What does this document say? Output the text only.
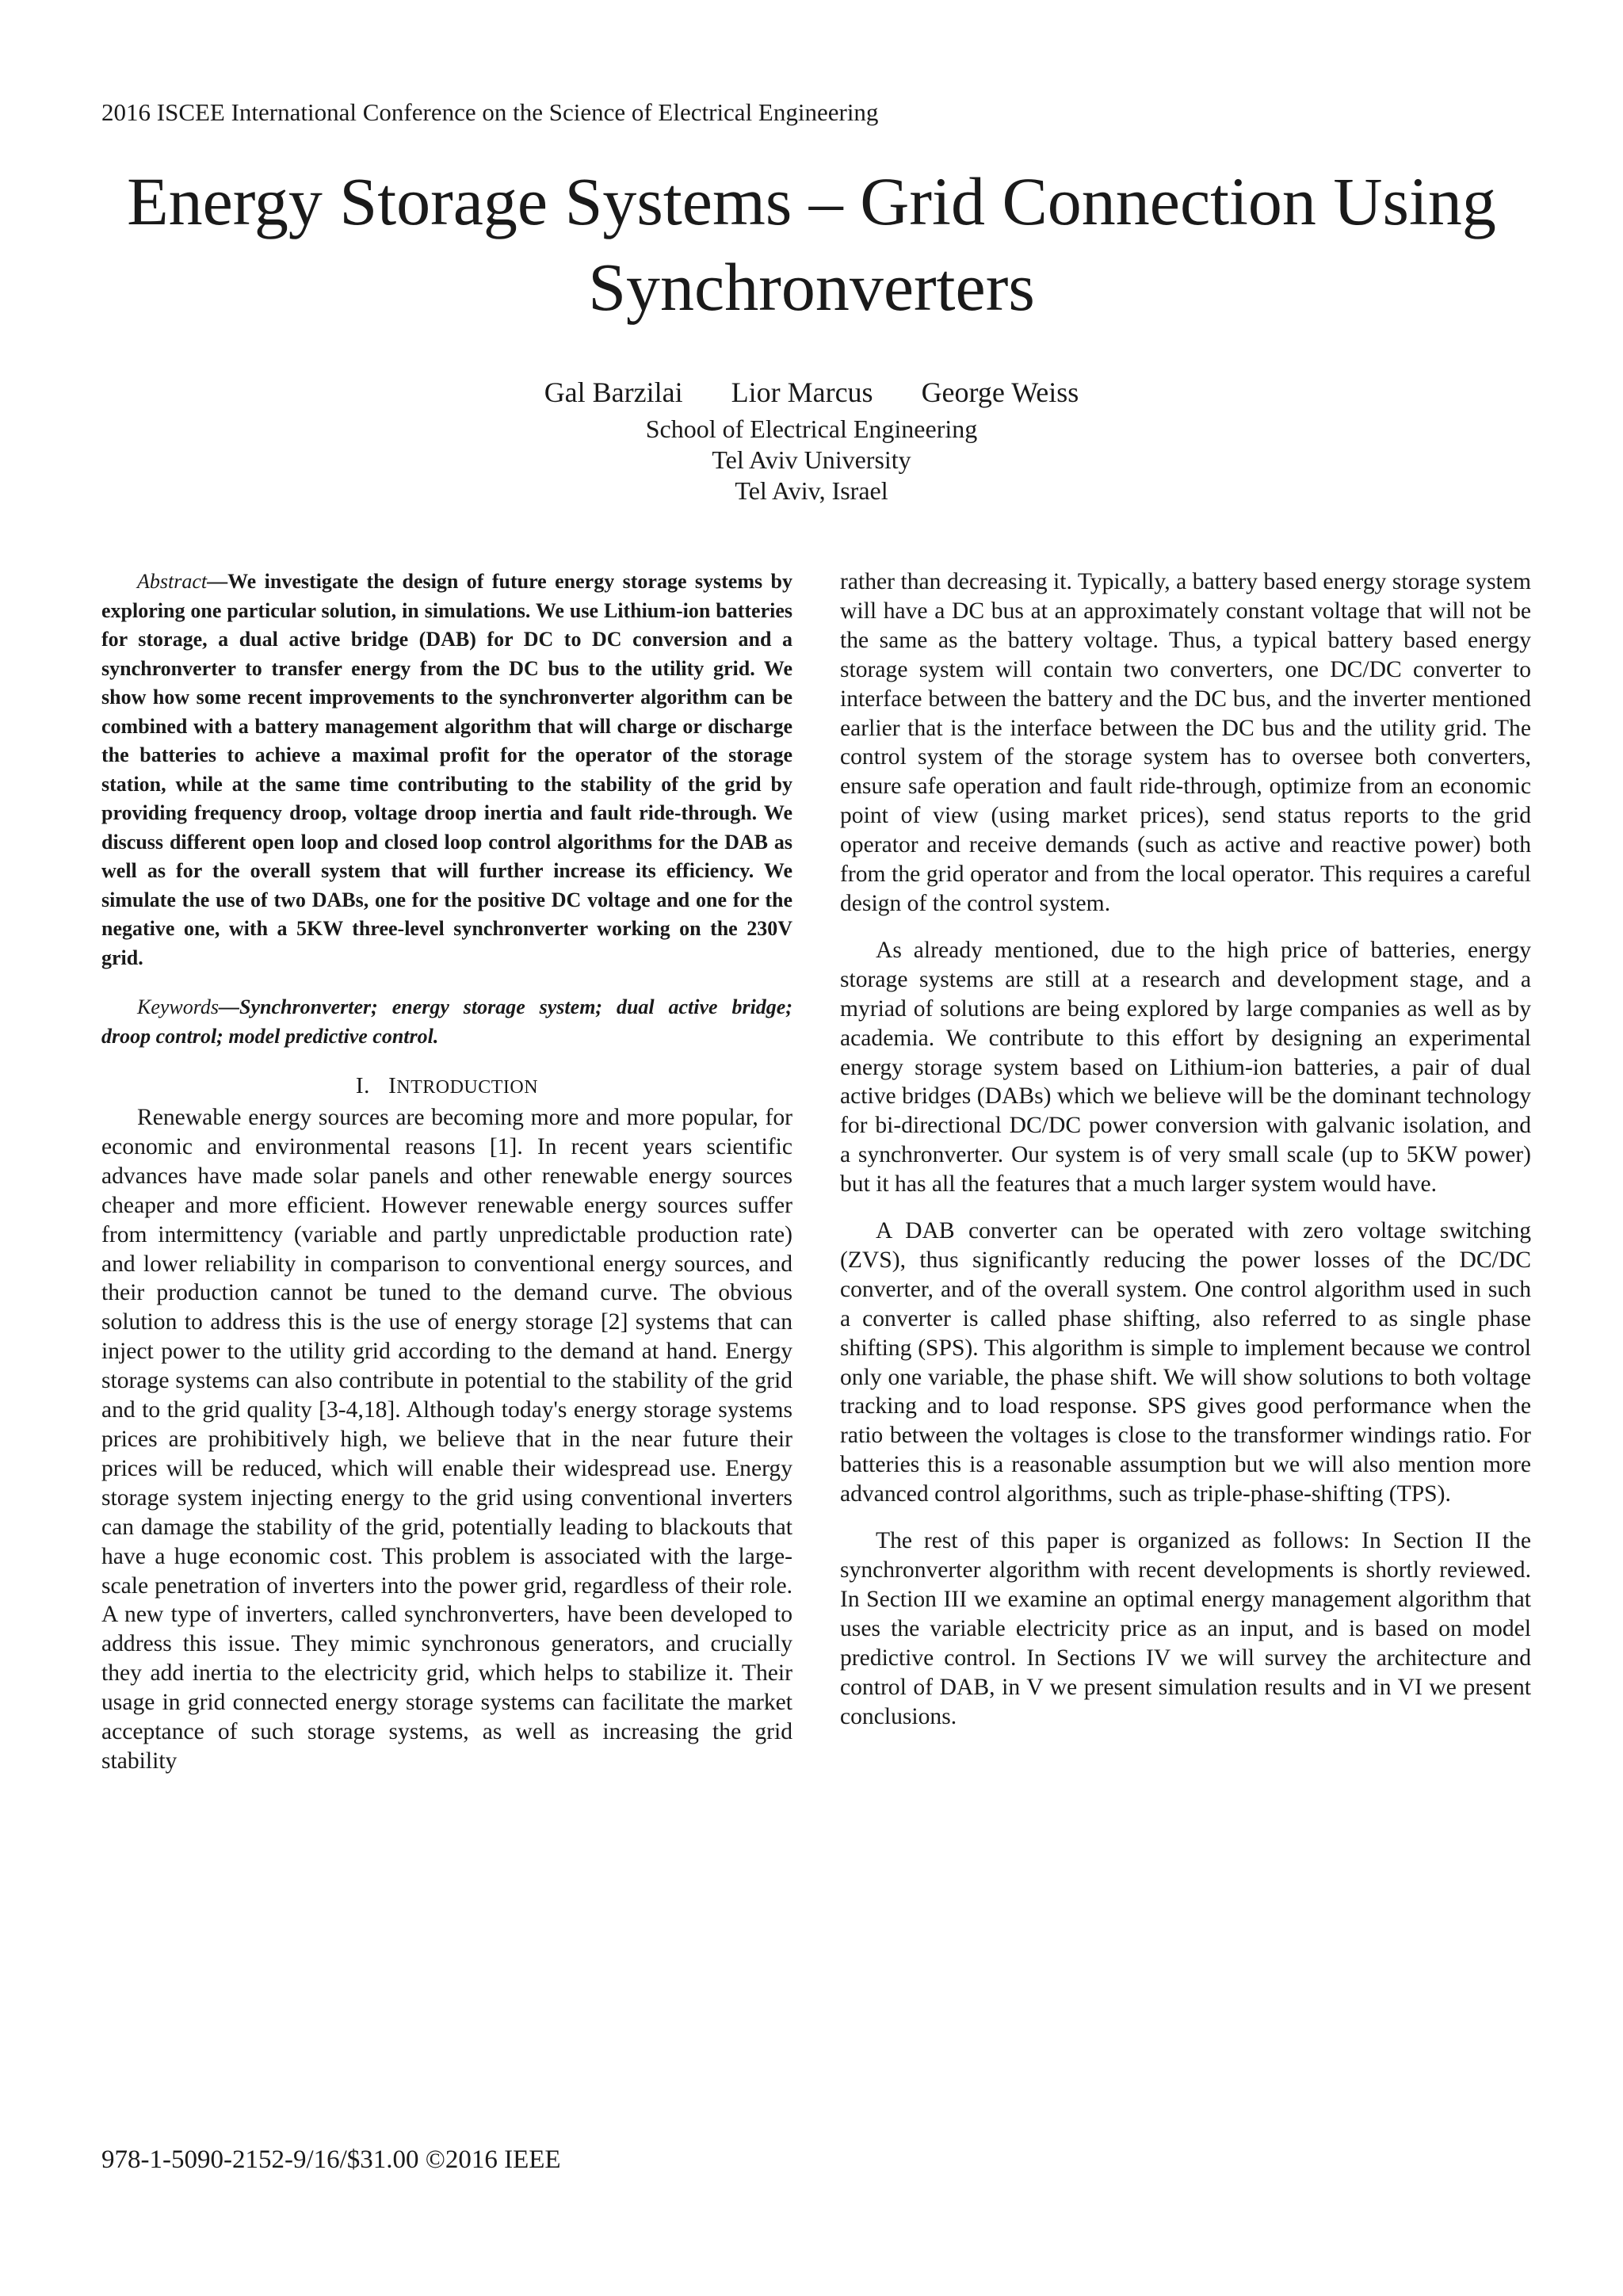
2016 ISCEE International Conference on the Science of Electrical Engineering
Energy Storage Systems – Grid Connection Using
Synchronverters
Gal Barzilai Lior Marcus George Weiss
School of Electrical Engineering
Tel Aviv University
Tel Aviv, Israel

Abstract—We investigate the design of future energy storage systems by exploring one particular solution, in simulations. We use Lithium-ion batteries for storage, a dual active bridge (DAB) for DC to DC conversion and a synchronverter to transfer energy from the DC bus to the utility grid. We show how some recent improvements to the synchronverter algorithm can be combined with a battery management algorithm that will charge or discharge the batteries to achieve a maximal profit for the operator of the storage station, while at the same time contributing to the stability of the grid by providing frequency droop, voltage droop inertia and fault ride-through. We discuss different open loop and closed loop control algorithms for the DAB as well as for the overall system that will further increase its efficiency. We simulate the use of two DABs, one for the positive DC voltage and one for the negative one, with a 5KW three-level synchronverter working on the 230V grid.

Keywords—Synchronverter; energy storage system; dual active bridge; droop control; model predictive control.

I. INTRODUCTION

Renewable energy sources are becoming more and more popular, for economic and environmental reasons [1]. In recent years scientific advances have made solar panels and other renewable energy sources cheaper and more efficient. However renewable energy sources suffer from intermittency (variable and partly unpredictable production rate) and lower reliability in comparison to conventional energy sources, and their production cannot be tuned to the demand curve. The obvious solution to address this is the use of energy storage [2] systems that can inject power to the utility grid according to the demand at hand. Energy storage systems can also contribute in potential to the stability of the grid and to the grid quality [3-4,18]. Although today's energy storage systems prices are prohibitively high, we believe that in the near future their prices will be reduced, which will enable their widespread use. Energy storage system injecting energy to the grid using conventional inverters can damage the stability of the grid, potentially leading to blackouts that have a huge economic cost. This problem is associated with the large-scale penetration of inverters into the power grid, regardless of their role. A new type of inverters, called synchronverters, have been developed to address this issue. They mimic synchronous generators, and crucially they add inertia to the electricity grid, which helps to stabilize it. Their usage in grid connected energy storage systems can facilitate the market acceptance of such storage systems, as well as increasing the grid stability

rather than decreasing it. Typically, a battery based energy storage system will have a DC bus at an approximately constant voltage that will not be the same as the battery voltage. Thus, a typical battery based energy storage system will contain two converters, one DC/DC converter to interface between the battery and the DC bus, and the inverter mentioned earlier that is the interface between the DC bus and the utility grid. The control system of the storage system has to oversee both converters, ensure safe operation and fault ride-through, optimize from an economic point of view (using market prices), send status reports to the grid operator and receive demands (such as active and reactive power) both from the grid operator and from the local operator. This requires a careful design of the control system.

As already mentioned, due to the high price of batteries, energy storage systems are still at a research and development stage, and a myriad of solutions are being explored by large companies as well as by academia. We contribute to this effort by designing an experimental energy storage system based on Lithium-ion batteries, a pair of dual active bridges (DABs) which we believe will be the dominant technology for bi-directional DC/DC power conversion with galvanic isolation, and a synchronverter. Our system is of very small scale (up to 5KW power) but it has all the features that a much larger system would have.

A DAB converter can be operated with zero voltage switching (ZVS), thus significantly reducing the power losses of the DC/DC converter, and of the overall system. One control algorithm used in such a converter is called phase shifting, also referred to as single phase shifting (SPS). This algorithm is simple to implement because we control only one variable, the phase shift. We will show solutions to both voltage tracking and to load response. SPS gives good performance when the ratio between the voltages is close to the transformer windings ratio. For batteries this is a reasonable assumption but we will also mention more advanced control algorithms, such as triple-phase-shifting (TPS).

The rest of this paper is organized as follows: In Section II the synchronverter algorithm with recent developments is shortly reviewed. In Section III we examine an optimal energy management algorithm that uses the variable electricity price as an input, and is based on model predictive control. In Sections IV we will survey the architecture and control of DAB, in V we present simulation results and in VI we present conclusions.

978-1-5090-2152-9/16/$31.00 ©2016 IEEE
